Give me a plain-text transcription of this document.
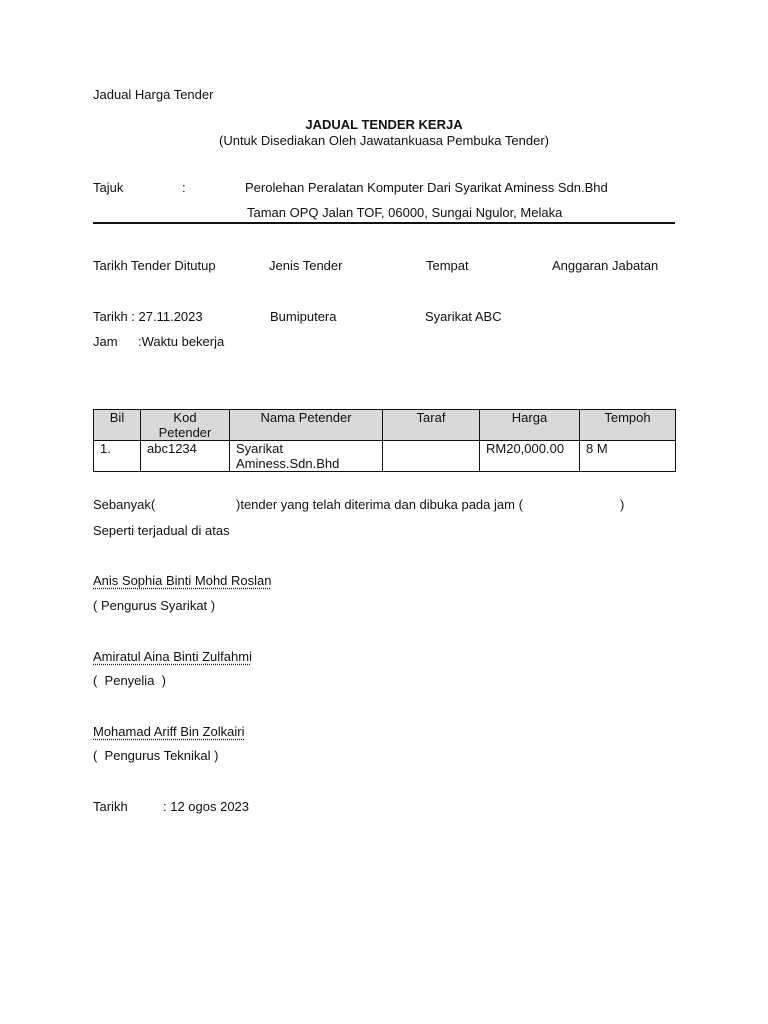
Jadual Harga Tender
JADUAL TENDER KERJA
(Untuk Disediakan Oleh Jawatankuasa Pembuka Tender)
Tajuk	:	Perolehan Peralatan Komputer Dari Syarikat Aminess Sdn.Bhd
Taman OPQ Jalan TOF, 06000, Sungai Ngulor, Melaka
Tarikh Tender Ditutup	Jenis Tender	Tempat	Anggaran Jabatan
Tarikh : 27.11.2023	Bumiputera	Syarikat ABC
Jam :Waktu bekerja
Bil	Kod Petender	Nama Petender	Taraf	Harga	Tempoh
1.	abc1234	Syarikat Aminess.Sdn.Bhd		RM20,000.00	8 M
Sebanyak(	)tender yang telah diterima dan dibuka pada jam (	)
Seperti terjadual di atas
Anis Sophia Binti Mohd Roslan
( Pengurus Syarikat )
Amiratul Aina Binti Zulfahmi
(  Penyelia  )
Mohamad Ariff Bin Zolkairi
(  Pengurus Teknikal )
Tarikh	: 12 ogos 2023
